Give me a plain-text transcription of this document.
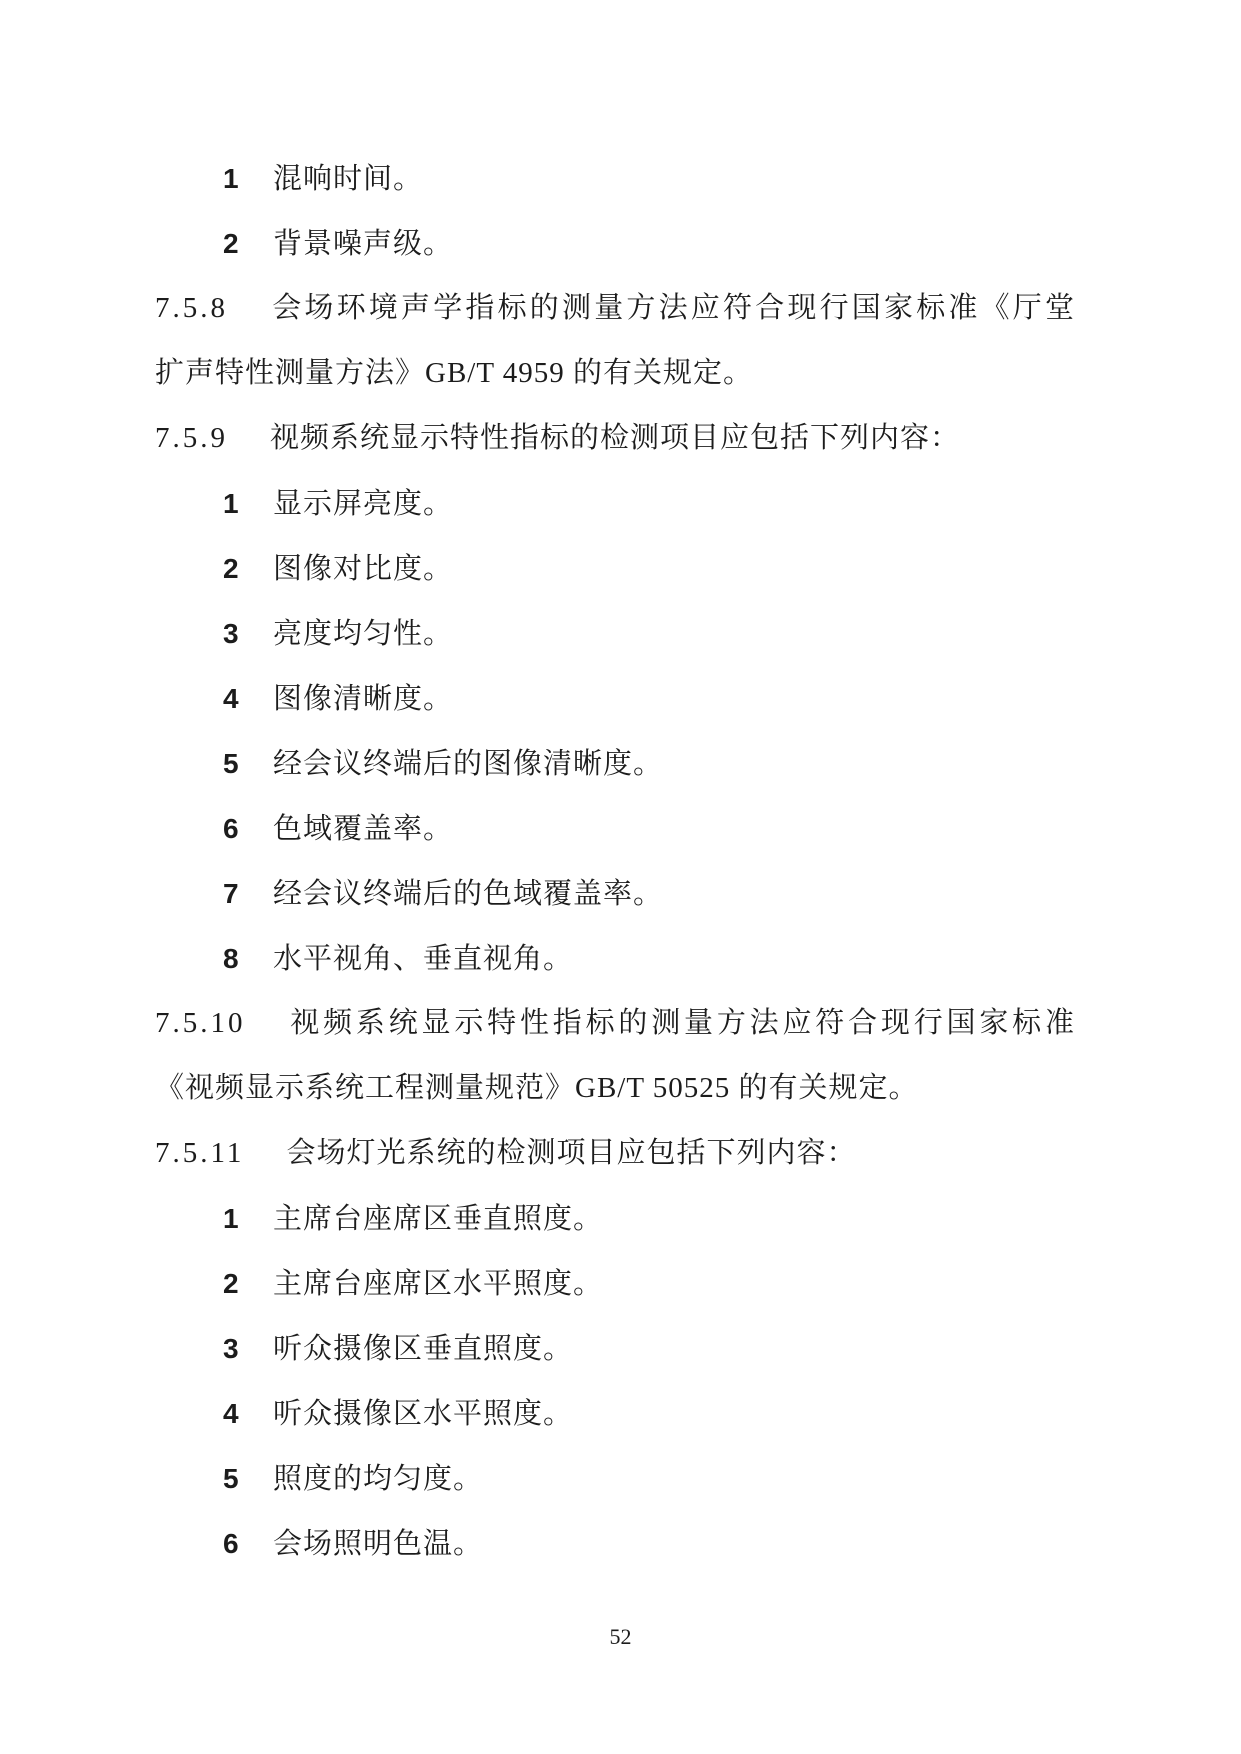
1 混响时间。
2 背景噪声级。
7.5.8 会场环境声学指标的测量方法应符合现行国家标准《厅堂
扩声特性测量方法》GB/T 4959 的有关规定。
7.5.9 视频系统显示特性指标的检测项目应包括下列内容：
1 显示屏亮度。
2 图像对比度。
3 亮度均匀性。
4 图像清晰度。
5 经会议终端后的图像清晰度。
6 色域覆盖率。
7 经会议终端后的色域覆盖率。
8 水平视角、垂直视角。
7.5.10 视频系统显示特性指标的测量方法应符合现行国家标准
《视频显示系统工程测量规范》GB/T 50525 的有关规定。
7.5.11 会场灯光系统的检测项目应包括下列内容：
1 主席台座席区垂直照度。
2 主席台座席区水平照度。
3 听众摄像区垂直照度。
4 听众摄像区水平照度。
5 照度的均匀度。
6 会场照明色温。
52
